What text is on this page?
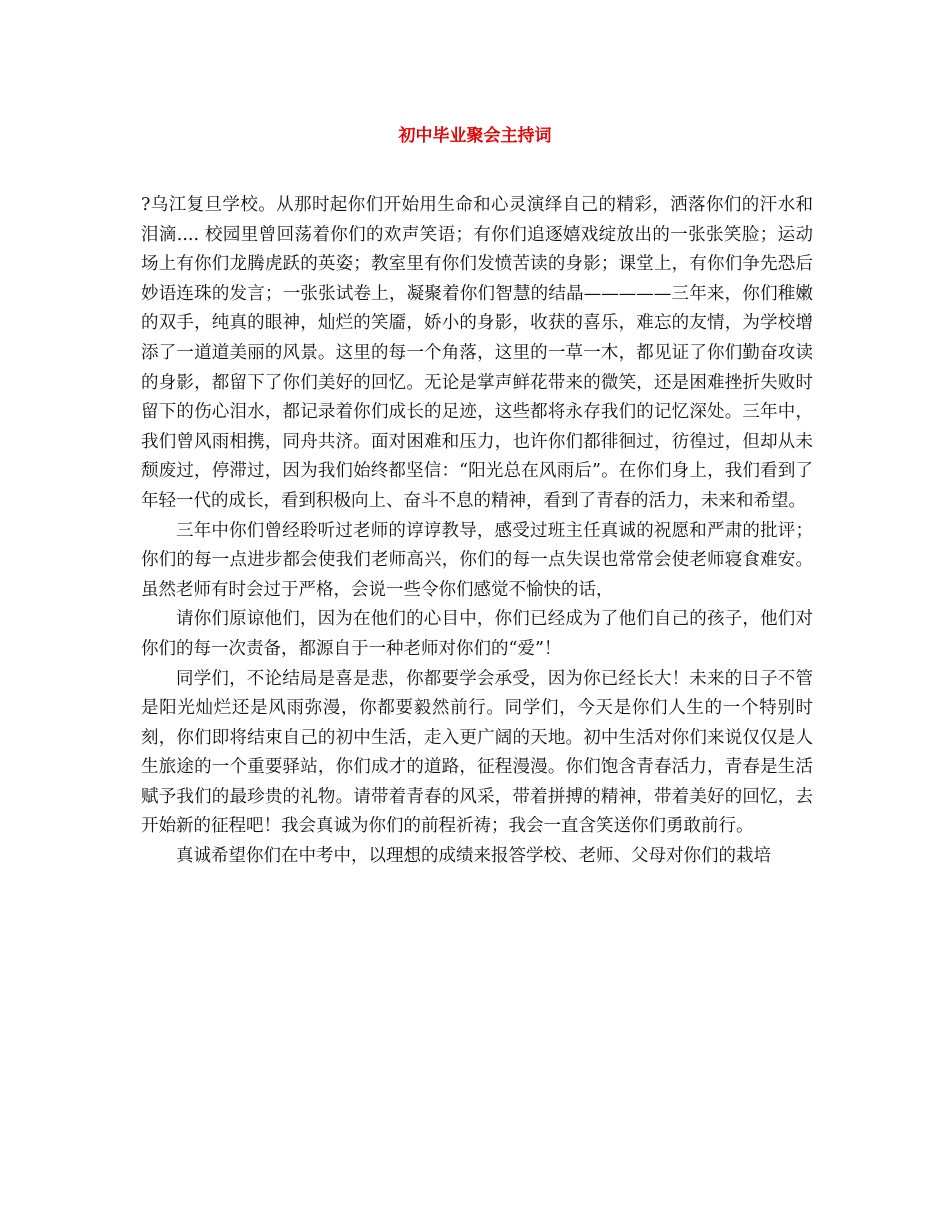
初中毕业聚会主持词

?乌江复旦学校。从那时起你们开始用生命和心灵演绎自己的精彩，洒落你们的汗水和泪滴.... 校园里曾回荡着你们的欢声笑语；有你们追逐嬉戏绽放出的一张张笑脸；运动场上有你们龙腾虎跃的英姿；教室里有你们发愤苦读的身影；课堂上，有你们争先恐后妙语连珠的发言；一张张试卷上，凝聚着你们智慧的结晶—————三年来，你们稚嫩的双手，纯真的眼神，灿烂的笑靥，娇小的身影，收获的喜乐，难忘的友情，为学校增添了一道道美丽的风景。这里的每一个角落，这里的一草一木，都见证了你们勤奋攻读的身影，都留下了你们美好的回忆。无论是掌声鲜花带来的微笑，还是困难挫折失败时留下的伤心泪水，都记录着你们成长的足迹，这些都将永存我们的记忆深处。三年中，我们曾风雨相携，同舟共济。面对困难和压力，也许你们都徘徊过，彷徨过，但却从未颓废过，停滞过，因为我们始终都坚信：“阳光总在风雨后”。在你们身上，我们看到了年轻一代的成长，看到积极向上、奋斗不息的精神，看到了青春的活力，未来和希望。

三年中你们曾经聆听过老师的谆谆教导，感受过班主任真诚的祝愿和严肃的批评；你们的每一点进步都会使我们老师高兴，你们的每一点失误也常常会使老师寝食难安。虽然老师有时会过于严格，会说一些令你们感觉不愉快的话，

请你们原谅他们，因为在他们的心目中，你们已经成为了他们自己的孩子，他们对你们的每一次责备，都源自于一种老师对你们的“爱”！

同学们，不论结局是喜是悲，你都要学会承受，因为你已经长大！未来的日子不管是阳光灿烂还是风雨弥漫，你都要毅然前行。同学们，今天是你们人生的一个特别时刻，你们即将结束自己的初中生活，走入更广阔的天地。初中生活对你们来说仅仅是人生旅途的一个重要驿站，你们成才的道路，征程漫漫。你们饱含青春活力，青春是生活赋予我们的最珍贵的礼物。请带着青春的风采，带着拼搏的精神，带着美好的回忆，去开始新的征程吧！我会真诚为你们的前程祈祷；我会一直含笑送你们勇敢前行。

真诚希望你们在中考中，以理想的成绩来报答学校、老师、父母对你们的栽培
